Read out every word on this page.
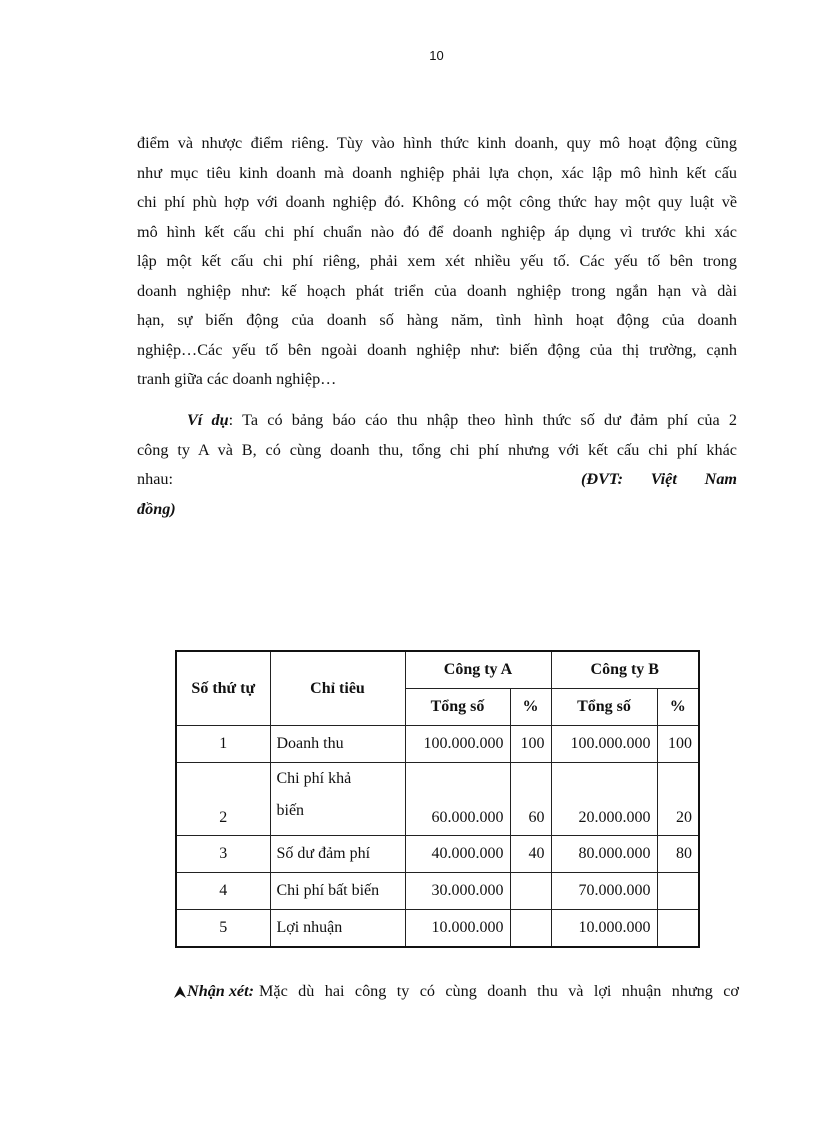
10
điểm và nhược điểm riêng. Tùy vào hình thức kinh doanh, quy mô hoạt động cũng
như mục tiêu kinh doanh mà doanh nghiệp phải lựa chọn, xác lập mô hình kết cấu
chi phí phù hợp với doanh nghiệp đó. Không có một công thức hay một quy luật về
mô hình kết cấu chi phí chuẩn nào đó để doanh nghiệp áp dụng vì trước khi xác
lập một kết cấu chi phí riêng, phải xem xét nhiều yếu tố. Các yếu tố bên trong
doanh nghiệp như: kế hoạch phát triển của doanh nghiệp trong ngắn hạn và dài
hạn, sự biến động của doanh số hàng năm, tình hình hoạt động của doanh
nghiệp…Các yếu tố bên ngoài doanh nghiệp như: biến động của thị trường, cạnh
tranh giữa các doanh nghiệp…
Ví dụ: Ta có bảng báo cáo thu nhập theo hình thức số dư đảm phí của 2
công ty A và B, có cùng doanh thu, tổng chi phí nhưng với kết cấu chi phí khác
nhau:	(ĐVT: Việt Nam
đồng)
Số thứ tự	Chỉ tiêu	Công ty A		Công ty B	
		Tổng số	%	Tổng số	%
1	Doanh thu	100.000.000	100	100.000.000	100
2	Chi phí khả
biến	60.000.000	60	20.000.000	20
3	Số dư đảm phí	40.000.000	40	80.000.000	80
4	Chi phí bất biến	30.000.000		70.000.000	
5	Lợi nhuận	10.000.000		10.000.000	
Nhận xét: Mặc dù hai công ty có cùng doanh thu và lợi nhuận nhưng cơ
